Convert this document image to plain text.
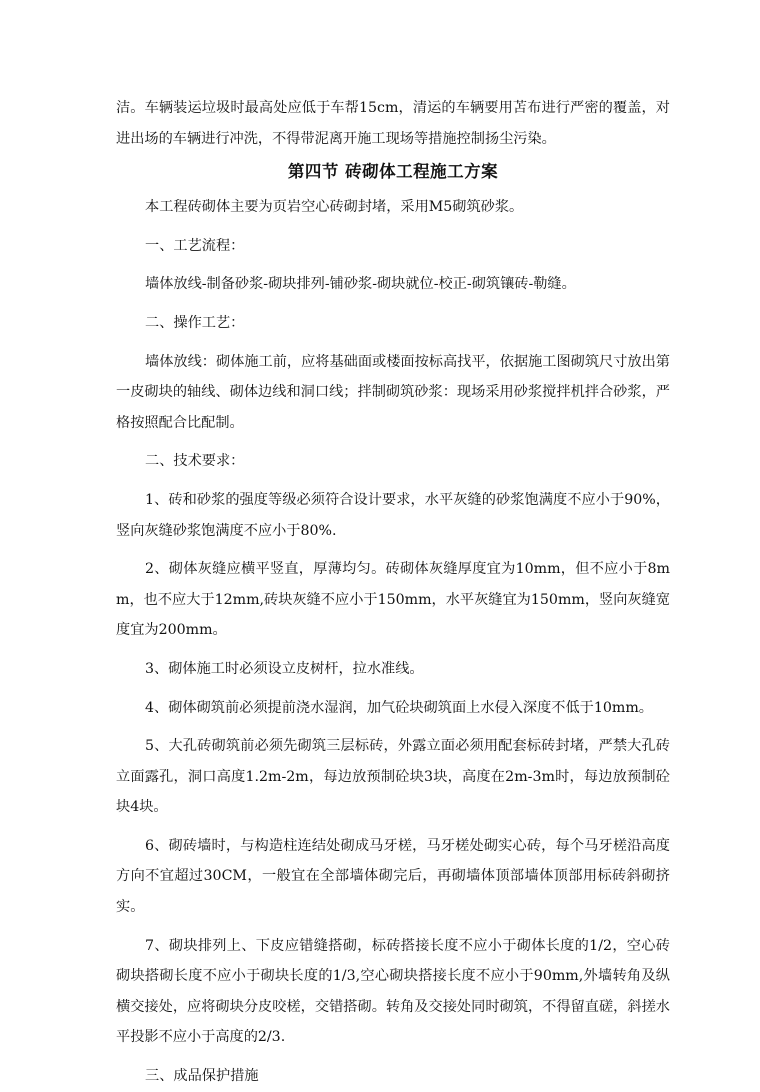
洁。车辆装运垃圾时最高处应低于车帮15cm，清运的车辆要用苫布进行严密的覆盖，对进出场的车辆进行冲洗，不得带泥离开施工现场等措施控制扬尘污染。

第四节 砖砌体工程施工方案

本工程砖砌体主要为页岩空心砖砌封堵，采用M5砌筑砂浆。

一、工艺流程：

墙体放线-制备砂浆-砌块排列-铺砂浆-砌块就位-校正-砌筑镶砖-勒缝。

二、操作工艺：

墙体放线：砌体施工前，应将基础面或楼面按标高找平，依据施工图砌筑尺寸放出第一皮砌块的轴线、砌体边线和洞口线；拌制砌筑砂浆：现场采用砂浆搅拌机拌合砂浆，严格按照配合比配制。

二、技术要求：

1、砖和砂浆的强度等级必须符合设计要求，水平灰缝的砂浆饱满度不应小于90%，竖向灰缝砂浆饱满度不应小于80%.

2、砌体灰缝应横平竖直，厚薄均匀。砖砌体灰缝厚度宜为10mm，但不应小于8mm，也不应大于12mm,砖块灰缝不应小于150mm，水平灰缝宜为150mm，竖向灰缝宽度宜为200mm。

3、砌体施工时必须设立皮树杆，拉水准线。

4、砌体砌筑前必须提前浇水湿润，加气砼块砌筑面上水侵入深度不低于10mm。

5、大孔砖砌筑前必须先砌筑三层标砖，外露立面必须用配套标砖封堵，严禁大孔砖立面露孔，洞口高度1.2m-2m，每边放预制砼块3块，高度在2m-3m时，每边放预制砼块4块。

6、砌砖墙时，与构造柱连结处砌成马牙槎，马牙槎处砌实心砖，每个马牙槎沿高度方向不宜超过30CM，一般宜在全部墙体砌完后，再砌墙体顶部墙体顶部用标砖斜砌挤实。

7、砌块排列上、下皮应错缝搭砌，标砖搭接长度不应小于砌体长度的1/2，空心砖砌块搭砌长度不应小于砌块长度的1/3,空心砌块搭接长度不应小于90mm,外墙转角及纵横交接处，应将砌块分皮咬槎，交错搭砌。转角及交接处同时砌筑，不得留直磋，斜搓水平投影不应小于高度的2/3.

三、成品保护措施
